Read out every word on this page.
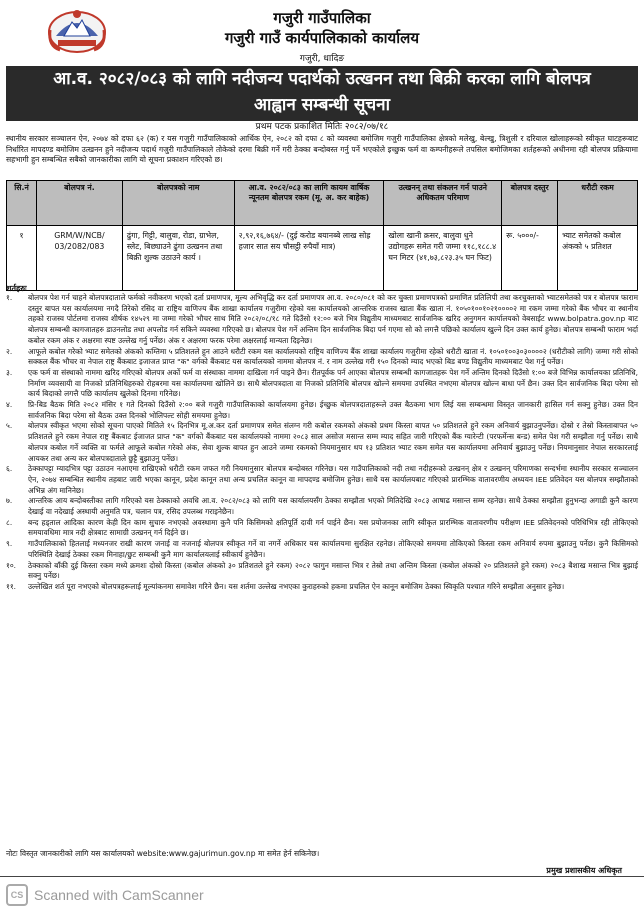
गजुरी गाउँपालिका
गजुरी गाउँ कार्यपालिकाको कार्यालय
गजुरी, धादिङ
आ.व. २०८२/०८३ को लागि नदीजन्य पदार्थको उत्खनन तथा बिक्री करका लागि बोलपत्र
आह्वान सम्बन्धी सूचना
प्रथम पटक प्रकाशित मितिः २०८२/०७/१८
स्थानीय सरकार सञ्चालन ऐन, २०७४ को दफा ६२ (क) र यस गजुरी गाउँपालिकाको आर्थिक ऐन, २०८२ को दफा ८ को व्यवस्था बमोजिम गजुरी गाउँपालिका क्षेत्रको मलेखु, बेल्खु, त्रिशुली र दरियाल खोलाहरूको स्वीकृत घाटहरूबाट निर्धारित मापदण्ड बमोजिम उत्खनन हुने नदीजन्य पदार्थ गजुरी गाउँपालिकाले तोकेको दरमा बिक्री गर्ने गरी ठेक्का बन्दोबस्त गर्नु पर्ने भएकोले इच्छुक फर्म वा कम्पनीहरूले तपसिल बमोजिमका शर्तहरूको अधीनमा रही बोलपत्र प्रक्रियामा सहभागी हुन सम्बन्धित सबैको जानकारीका लागि यो सूचना प्रकाशन गरिएको छ।
सि.नं	बोलपत्र नं.	बोलपत्रको नाम	आ.व. २०८२/०८३ का लागि कायम वार्षिक न्यूनतम बोलपत्र रकम (मू. अ. कर बाहेक)	उत्खनन् तथा संकलन गर्न पाउने अधिकतम परिमाण	बोलपत्र दस्तुर	धरौटी रकम
१	GRM/W/NCB/ 03/2082/083	ढुंगा, गिट्टी, बालुवा, रोडा, ग्राभेल, स्लेट, बिछ्याउने ढुंगा उत्खनन तथा बिक्री शुल्क उठाउने कार्य ।	२,९२,१६,७६४/- (दुई करोड बयानब्बे लाख सोह्र हजार सात सय चौसट्ठी रुपैयाँ मात्र)	खोला खानी क्रसर, बालुवा धुने उद्योगहरू समेत गरी जम्मा ११८,१८८.४ घन मिटर (४१,७३,८२३.३५ घन फिट)	रू. ५०००/-	भ्याट समेतको कबोल अंकको ५ प्रतिशत
शर्तहरुः
१.	बोलपत्र पेश गर्न चाहने बोलपत्रदाताले फर्मको नवीकरण भएको दर्ता प्रमाणपत्र, मूल्य अभिवृद्धि कर दर्ता प्रमाणपत्र आ.व. २०८०/०८१ को कर चुक्ता प्रमाणपत्रको प्रमाणित प्रतिलिपी तथा करचुक्ताको भ्याटसमेतको पत्र र बोलपत्र फाराम दस्तुर बापत यस कार्यालयमा नगदै तिरेको रसिद वा राष्ट्रिय वाणिज्य बैंक शाखा कार्यालय गजुरीमा रहेको यस कार्यालयको आन्तरिक राजस्व खाता बैंक खाता नं. १०५०१००१०२१००००२ मा रकम जम्मा गरेको बैंक भौचर वा स्थानीय तहको राजस्व पोर्टलमा राजस्व शीर्षक १४५२९ मा जम्मा गरेको भौचर साथ मिति २०८२/०८/१८ गते दिउँसो १२:०० बजे भित्र विद्युतीय माध्यमबाट सार्वजनिक खरिद अनुगमन कार्यालयको वेबसाईट www.bolpatra.gov.np बाट बोलपत्र सम्बन्धी कागजातहरु डाउनलोड तथा अपलोड गर्न सकिने व्यवस्था गरिएको छ। बोलपत्र पेश गर्ने अन्तिम दिन सार्वजनिक बिदा पर्न गएमा सो को लगत्तै पछिको कार्यालय खुल्ने दिन उक्त कार्य हुनेछ। बोलपत्र सम्बन्धी फाराम भर्दा कबोल रकम अंक र अक्षरमा स्पष्ट उल्लेख गर्नु पर्नेछ। अंक र अक्षरमा फरक परेमा अक्षरलाई मान्यता दिइनेछ।
२.	आफूले कबोल गरेको भ्याट समेतको अंकको कम्तिमा ५ प्रतिशतले हुन आउने धरौटी रकम यस कार्यालयको राष्ट्रिय वाणिज्य बैंक शाखा कार्यालय गजुरीमा रहेको धरौटी खाता नं. १०५०१००३०३००००२ (धरौटीको लागि) जम्मा गरी सोको सक्कल बैंक भौचर वा नेपाल राष्ट्र बैंकबाट इजाजत प्राप्त "क" वर्गको बैंकबाट यस कार्यालयको नाममा बोलपत्र नं. र नाम उल्लेख गरी १५० दिनको म्याद भएको बिड बण्ड विद्युतीय माध्यमबाट पेश गर्नु पर्नेछ।
३.	एक फर्म वा संस्थाको नाममा खरिद गरिएको बोलपत्र अर्को फर्म वा संस्थाका नाममा दाखिला गर्न पाइने छैन। रीतपूर्वक पर्न आएका बोलपत्र सम्बन्धी कागजातहरू पेश गर्ने अन्तिम दिनको दिउँसो १:०० बजे विभिन्न कार्यालयका प्रतिनिधि, निर्माण व्यवसायी वा निजको प्रतिनिधिहरुको रोहबरमा यस कार्यालयमा खोलिने छ। साथै बोलपत्रदाता वा निजको प्रतिनिधि बोलपत्र खोल्ने समयमा उपस्थित नभएमा बोलपत्र खोल्न बाधा पर्ने छैन। उक्त दिन सार्वजनिक बिदा परेमा सो कार्य बिदाको लगत्तै पछि कार्यालय खुलेको दिनमा गरिनेछ।
४.	प्रि-बिड बैठक मिति २०८२ मंसिर १ गते दिनको दिउँसो २:०० बजे गजुरी गाउँपालिकाको कार्यालयमा हुनेछ। ईच्छुक बोलपत्रदाताहरूले उक्त बैठकमा भाग लिई यस सम्बन्धमा विस्तृत जानकारी हासिल गर्न सक्नु हुनेछ। उक्त दिन सार्वजनिक बिदा परेमा सो बैठक उक्त दिनको भोलिपल्ट सोही समयमा हुनेछ।
५.	बोलपत्र स्वीकृत भएमा सोको सूचना पाएको मितिले १५ दिनभित्र मू.अ.कर दर्ता प्रमाणपत्र समेत संलग्न गरी कबोल रकमको अंकको प्रथम किस्ता बापत ५० प्रतिशतले हुने रकम अनिवार्य बुझाउनुपर्नेछ। दोस्रो र तेस्रो किस्ताबापत ५० प्रतिशतले हुने रकम नेपाल राष्ट्र बैंकबाट ईजाजत प्राप्त "क" वर्गको बैंकबाट यस कार्यालयको नाममा २०८३ साल असोज मसान्त सम्म म्याद सहित जारी गरिएको बैंक ग्यारेन्टी (परफर्मेन्स बन्ड) समेत पेश गरी सम्झौता गर्नु पर्नेछ। साथै बोलपत्र कबोल गर्ने व्यक्ति वा फर्मले आफूले कबोल गरेको अंक, सेवा शुल्क बापत हुन आउने जम्मा रकमको नियमानुसार थप १३ प्रतिशत भ्याट रकम समेत यस कार्यालयमा अनिवार्य बुझाउनु पर्नेछ। नियमानुसार नेपाल सरकारलाई आयकर तथा अन्य कर बोलपत्रदाताले छुट्टै बुझाउनु पर्नेछ।
६.	ठेक्कापट्टा म्यादभित्र पट्टा उठाउन नआएमा राखिएको धरौटी रकम जफत गरी नियमानुसार बोलपत्र बन्दोबस्त गरिनेछ। यस गाउँपालिकाको नदी तथा नदीहरूको उत्खनन् क्षेत्र र उत्खनन् परिमाणका सन्दर्भमा स्थानीय सरकार सञ्चालन ऐन, २०७४ सम्बन्धित स्थानीय तहबाट जारी भएका कानून, प्रदेश कानून तथा अन्य प्रचलित कानून वा मापदण्ड बमोजिम हुनेछ। साथै यस कार्यालयबाट गरिएको प्रारम्भिक वातावरणीय अध्ययन IEE प्रतिवेदन यस बोलपत्र सम्झौताको अभिन्न अंग मानिनेछ।
७.	आन्तरिक आय बन्दोबस्तीका लागि गरिएको यस ठेक्काको अवधि आ.व. २०८२/०८३ को लागि यस कार्यालयसँग ठेक्का सम्झौता भएको मितिदेखि २०८३ आषाढ मसान्त सम्म रहनेछ। साथै ठेक्का सम्झौता हुनुभन्दा अगाडी कुनै कारण देखाई वा नदेखाई अस्थायी अनुमति पत्र, चलान पत्र, रसिद उपलब्ध गराइनेछैन।
८.	बन्द हड्ताल आदिका कारण केही दिन काम सुचारु नभएको अवस्थामा कुनै पनि किसिमको क्षतिपूर्ति दावी गर्न पाईने छैन। यस प्रयोजनका लागि स्वीकृत प्रारम्भिक वातावरणीय परीक्षण IEE प्रतिवेदनको परिधिभित्र रही तोकिएको समयावधिमा मात्र नदी क्षेत्रबाट सामाग्री उत्खनन् गर्न दिईने छ।
९.	गाउँपालिकाको हितलाई मध्यनजर राखी कारण जनाई वा नजनाई बोलपत्र स्वीकृत गर्ने वा नगर्ने अधिकार यस कार्यालयमा सुरक्षित रहनेछ। तोकिएको समयमा तोकिएको किस्ता रकम अनिवार्य रुपमा बुझाउनु पर्नेछ। कुनै किसिमको परिस्थिति देखाई ठेक्का रकम मिनाहा/छुट सम्बन्धी कुनै माग कार्यालयलाई स्वीकार्य हुनेछैन।
१०.	ठेक्काको बाँकी दुई किस्ता रकम मध्ये क्रमशः दोस्रो किस्ता (कबोल अंकको ३० प्रतिशतले हुने रकम) २०८२ फागुन मसान्त भित्र र तेस्रो तथा अन्तिम किस्ता (कबोल अंकको २० प्रतिशतले हुने रकम) २०८३ बैशाख मसान्त भित्र बुझाई सक्नु पर्नेछ।
११.	उल्लेखित शर्त पूरा नभएको बोलपत्रहरूलाई मूल्यांकनमा समावेश गरिने छैन। यस शर्तमा उल्लेख नभएका कुराहरुको हकमा प्रचलित ऐन कानून बमोजिम ठेक्का स्विकृति पश्चात गरिने सम्झौता अनुसार हुनेछ।
नोटः विस्तृत जानकारीको लागि यस कार्यालयको website:www.gajurimun.gov.np मा समेत हेर्न सकिनेछ।
प्रमुख प्रशासकीय अधिकृत
CS Scanned with CamScanner
